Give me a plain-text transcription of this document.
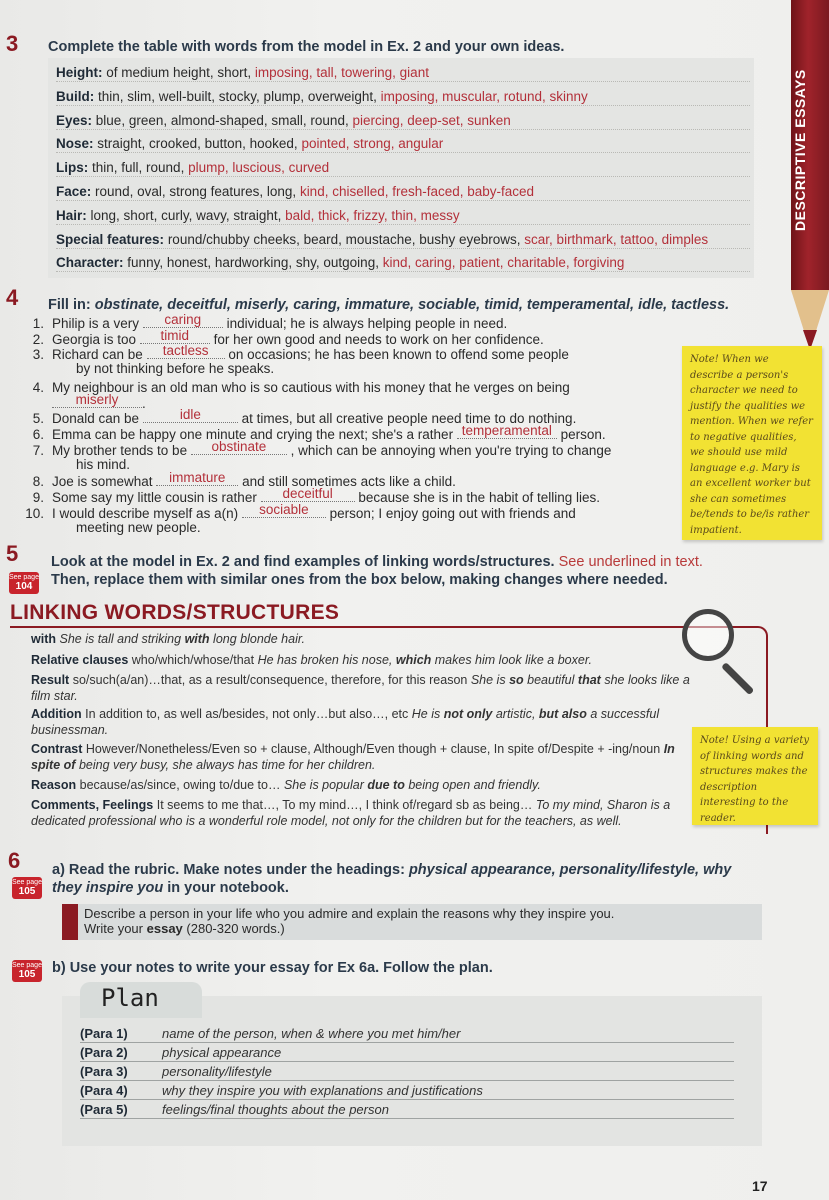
DESCRIPTIVE ESSAYS
3 Complete the table with words from the model in Ex. 2 and your own ideas.
Height: of medium height, short, imposing, tall, towering, giant
Build: thin, slim, well-built, stocky, plump, overweight, imposing, muscular, rotund, skinny
Eyes: blue, green, almond-shaped, small, round, piercing, deep-set, sunken
Nose: straight, crooked, button, hooked, pointed, strong, angular
Lips: thin, full, round, plump, luscious, curved
Face: round, oval, strong features, long, kind, chiselled, fresh-faced, baby-faced
Hair: long, short, curly, wavy, straight, bald, thick, frizzy, thin, messy
Special features: round/chubby cheeks, beard, moustache, bushy eyebrows, scar, birthmark, tattoo, dimples
Character: funny, honest, hardworking, shy, outgoing, kind, caring, patient, charitable, forgiving
4 Fill in: obstinate, deceitful, miserly, caring, immature, sociable, timid, temperamental, idle, tactless.
1. Philip is a very caring individual; he is always helping people in need.
2. Georgia is too timid for her own good and needs to work on her confidence.
3. Richard can be tactless on occasions; he has been known to offend some people
by not thinking before he speaks.
4. My neighbour is an old man who is so cautious with his money that he verges on being
miserly .
5. Donald can be	idle	at times, but all creative people need time to do nothing.
6. Emma can be happy one minute and crying the next; she's a rather temperamental person.
7. My brother tends to be obstinate , which can be annoying when you're trying to change
his mind.
8. Joe is somewhat immature and still sometimes acts like a child.
9. Some say my little cousin is rather deceitful because she is in the habit of telling lies.
10. I would describe myself as a(n) sociable person; I enjoy going out with friends and
meeting new people.
Note! When we describe a person's character we need to justify the qualities we mention. When we refer to negative qualities, we should use mild language e.g. Mary is an excellent worker but she can sometimes be/tends to be/is rather impatient.
5
See page
104
Look at the model in Ex. 2 and find examples of linking words/structures. See underlined in text.
Then, replace them with similar ones from the box below, making changes where needed.
LINKING WORDS/STRUCTURES
with She is tall and striking with long blonde hair.
Relative clauses who/which/whose/that He has broken his nose, which makes him look like a boxer.
Result so/such(a/an)…that, as a result/consequence, therefore, for this reason She is so beautiful that she looks like a film star.
Addition In addition to, as well as/besides, not only…but also…, etc He is not only artistic, but also a successful businessman.
Contrast However/Nonetheless/Even so + clause, Although/Even though + clause, In spite of/Despite + -ing/noun In spite of being very busy, she always has time for her children.
Reason because/as/since, owing to/due to… She is popular due to being open and friendly.
Comments, Feelings It seems to me that…, To my mind…, I think of/regard sb as being… To my mind, Sharon is a dedicated professional who is a wonderful role model, not only for the children but for the teachers, as well.
Note! Using a variety of linking words and structures makes the description interesting to the reader.
6
See page
105
a) Read the rubric. Make notes under the headings: physical appearance, personality/lifestyle, why they inspire you in your notebook.
Describe a person in your life who you admire and explain the reasons why they inspire you.
Write your essay (280-320 words.)
See page
105	b) Use your notes to write your essay for Ex 6a. Follow the plan.
Plan
(Para 1)	name of the person, when & where you met him/her
(Para 2)	physical appearance
(Para 3)	personality/lifestyle
(Para 4)	why they inspire you with explanations and justifications
(Para 5)	feelings/final thoughts about the person
17
